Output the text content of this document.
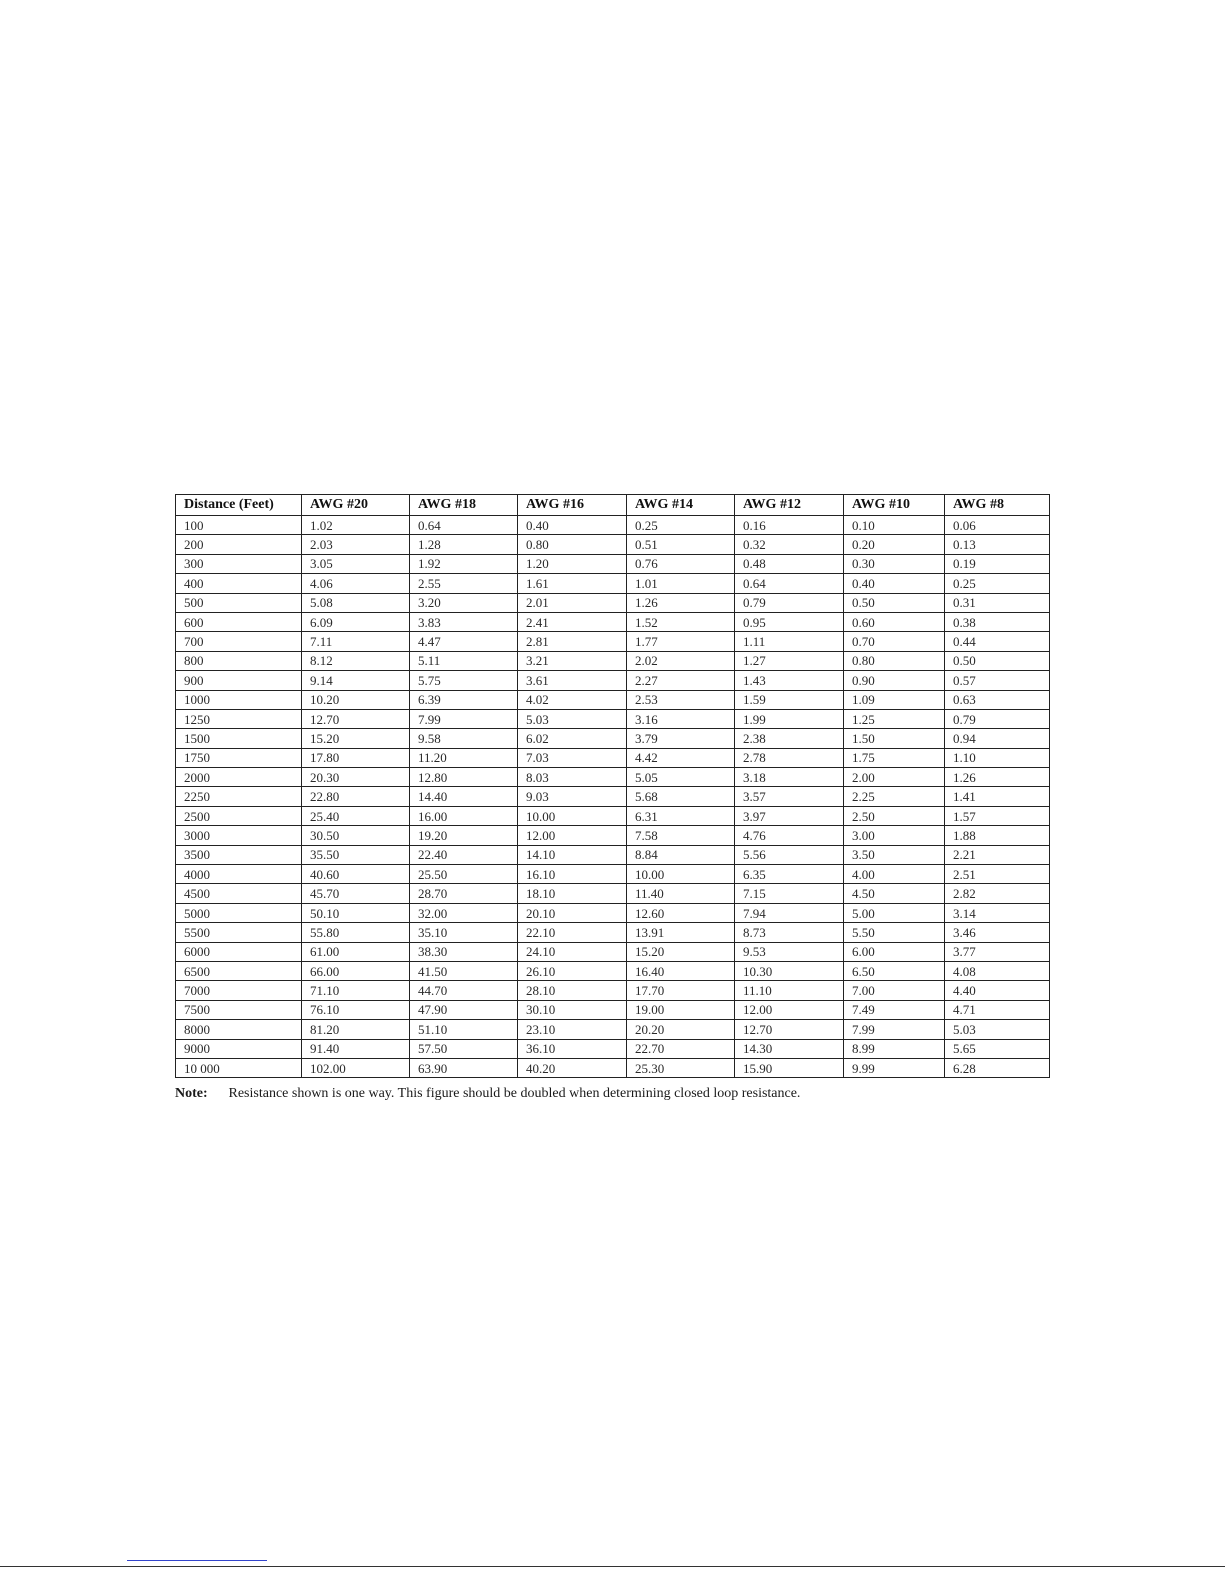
Distance (Feet)	AWG #20	AWG #18	AWG #16	AWG #14	AWG #12	AWG #10	AWG #8
100	1.02	0.64	0.40	0.25	0.16	0.10	0.06
200	2.03	1.28	0.80	0.51	0.32	0.20	0.13
300	3.05	1.92	1.20	0.76	0.48	0.30	0.19
400	4.06	2.55	1.61	1.01	0.64	0.40	0.25
500	5.08	3.20	2.01	1.26	0.79	0.50	0.31
600	6.09	3.83	2.41	1.52	0.95	0.60	0.38
700	7.11	4.47	2.81	1.77	1.11	0.70	0.44
800	8.12	5.11	3.21	2.02	1.27	0.80	0.50
900	9.14	5.75	3.61	2.27	1.43	0.90	0.57
1000	10.20	6.39	4.02	2.53	1.59	1.09	0.63
1250	12.70	7.99	5.03	3.16	1.99	1.25	0.79
1500	15.20	9.58	6.02	3.79	2.38	1.50	0.94
1750	17.80	11.20	7.03	4.42	2.78	1.75	1.10
2000	20.30	12.80	8.03	5.05	3.18	2.00	1.26
2250	22.80	14.40	9.03	5.68	3.57	2.25	1.41
2500	25.40	16.00	10.00	6.31	3.97	2.50	1.57
3000	30.50	19.20	12.00	7.58	4.76	3.00	1.88
3500	35.50	22.40	14.10	8.84	5.56	3.50	2.21
4000	40.60	25.50	16.10	10.00	6.35	4.00	2.51
4500	45.70	28.70	18.10	11.40	7.15	4.50	2.82
5000	50.10	32.00	20.10	12.60	7.94	5.00	3.14
5500	55.80	35.10	22.10	13.91	8.73	5.50	3.46
6000	61.00	38.30	24.10	15.20	9.53	6.00	3.77
6500	66.00	41.50	26.10	16.40	10.30	6.50	4.08
7000	71.10	44.70	28.10	17.70	11.10	7.00	4.40
7500	76.10	47.90	30.10	19.00	12.00	7.49	4.71
8000	81.20	51.10	23.10	20.20	12.70	7.99	5.03
9000	91.40	57.50	36.10	22.70	14.30	8.99	5.65
10 000	102.00	63.90	40.20	25.30	15.90	9.99	6.28
Note: Resistance shown is one way. This figure should be doubled when determining closed loop resistance.
